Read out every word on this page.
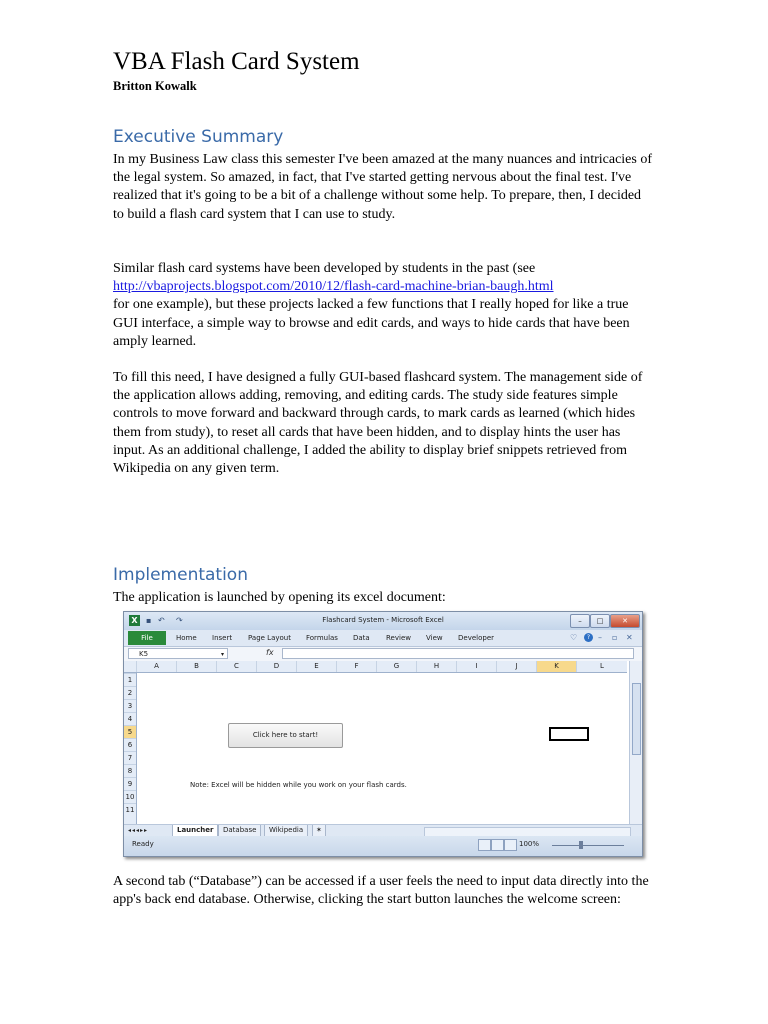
VBA Flash Card System
Britton Kowalk
Executive Summary

In my Business Law class this semester I've been amazed at the many nuances and intricacies of the legal system. So amazed, in fact, that I've started getting nervous about the final test. I've realized that it's going to be a bit of a challenge without some help. To prepare, then, I decided to build a flash card system that I can use to study.

Similar flash card systems have been developed by students in the past (see
http://vbaprojects.blogspot.com/2010/12/flash-card-machine-brian-baugh.html
for one example), but these projects lacked a few functions that I really hoped for like a true GUI interface, a simple way to browse and edit cards, and ways to hide cards that have been amply learned.

To fill this need, I have designed a fully GUI-based flashcard system. The management side of the application allows adding, removing, and editing cards. The study side features simple controls to move forward and backward through cards, to mark cards as learned (which hides them from study), to reset all cards that have been hidden, and to display hints the user has input. As an additional challenge, I added the ability to display brief snippets retrieved from Wikipedia on any given term.

Implementation

The application is launched by opening its excel document:

X	▪ ↶ ↷	Flashcard System - Microsoft Excel	–	□	✕
File	Home Insert Page Layout Formulas Data Review View Developer	♡	? – ▫ ✕
K5	▾	fx
A	B	C	D	E	F	G	H	I	J	K	L
1
2
3
4
5
6
7
8
9
10
11
Click here to start!
Note: Excel will be hidden while you work on your flash cards.
◂◂◂▸▸	Launcher	Database	Wikipedia	✶
Ready	100%

A second tab (“Database”) can be accessed if a user feels the need to input data directly into the app's back end database. Otherwise, clicking the start button launches the welcome screen:
